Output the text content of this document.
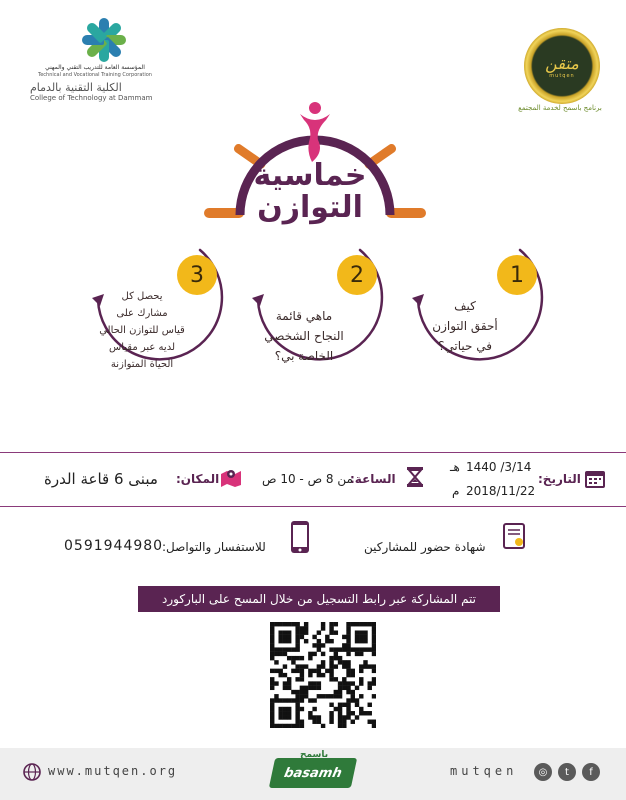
المؤسسة العامة للتدريب التقني والمهني
Technical and Vocational Training Corporation
الكلية التقنية بالدمام
College of Technology at Dammam
متقن
mutqen
برنامج باسمح لخدمة المجتمع
خماسية
التوازن
1
كيف
أحقق التوازن
في حياتي؟
2
ماهي قائمة
النجاح الشخصي
الخاصة بي؟
3
يحصل كل
مشارك على
قياس للتوازن الحالي
لديه عبر مقياس
الحياة المتوازنة
التاريخ:
1440 /3/14
هـ
2018/11/22
م
الساعة:
من 8 ص - 10 ص
المكان:
مبنى 6 قاعة الدرة
شهادة حضور للمشاركين
للاستفسار والتواصل:
0591944980
تتم المشاركة عبر رابط التسجيل من خلال المسح على الباركورد
www.mutqen.org	basamh
باسمح
mutqen	◎	t	f
